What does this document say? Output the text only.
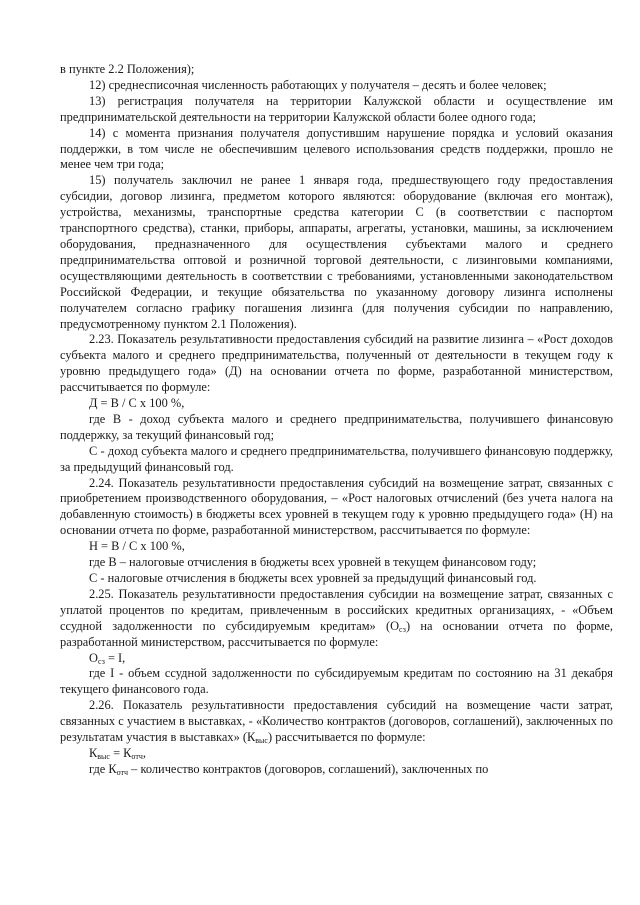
в пункте 2.2 Положения);

12) среднесписочная численность работающих у получателя – десять и более человек;

13) регистрация получателя на территории Калужской области и осуществление им предпринимательской деятельности на территории Калужской области более одного года;

14) с момента признания получателя допустившим нарушение порядка и условий оказания поддержки, в том числе не обеспечившим целевого использования средств поддержки, прошло не менее чем три года;

15) получатель заключил не ранее 1 января года, предшествующего году предоставления субсидии, договор лизинга, предметом которого являются: оборудование (включая его монтаж), устройства, механизмы, транспортные средства категории С (в соответствии с паспортом транспортного средства), станки, приборы, аппараты, агрегаты, установки, машины, за исключением оборудования, предназначенного для осуществления субъектами малого и среднего предпринимательства оптовой и розничной торговой деятельности, с лизинговыми компаниями, осуществляющими деятельность в соответствии с требованиями, установленными законодательством Российской Федерации, и текущие обязательства по указанному договору лизинга исполнены получателем согласно графику погашения лизинга (для получения субсидии по направлению, предусмотренному пунктом 2.1 Положения).

2.23. Показатель результативности предоставления субсидий на развитие лизинга – «Рост доходов субъекта малого и среднего предпринимательства, полученный от деятельности в текущем году к уровню предыдущего года» (Д) на основании отчета по форме, разработанной министерством, рассчитывается по формуле:

Д = В / С х 100 %,

где В - доход субъекта малого и среднего предпринимательства, получившего финансовую поддержку, за текущий финансовый год;

С - доход субъекта малого и среднего предпринимательства, получившего финансовую поддержку, за предыдущий финансовый год.

2.24. Показатель результативности предоставления субсидий на возмещение затрат, связанных с приобретением производственного оборудования, – «Рост налоговых отчислений (без учета налога на добавленную стоимость) в бюджеты всех уровней в текущем году к уровню предыдущего года» (Н) на основании отчета по форме, разработанной министерством, рассчитывается по формуле:

Н = В / С х 100 %,

где В – налоговые отчисления в бюджеты всех уровней в текущем финансовом году;

С - налоговые отчисления в бюджеты всех уровней за предыдущий финансовый год.

2.25. Показатель результативности предоставления субсидии на возмещение затрат, связанных с уплатой процентов по кредитам, привлеченным в российских кредитных организациях, - «Объем ссудной задолженности по субсидируемым кредитам» $(О_{сз})$ на основании отчета по форме, разработанной министерством, рассчитывается по формуле:

$О_{сз} = I$,

где I - объем ссудной задолженности по субсидируемым кредитам по состоянию на 31 декабря текущего финансового года.

2.26. Показатель результативности предоставления субсидий на возмещение части затрат, связанных с участием в выставках, - «Количество контрактов (договоров, соглашений), заключенных по результатам участия в выставках» $(К_{выс})$ рассчитывается по формуле:

$К_{выс} = К_{отч}$,

где $К_{отч}$ – количество контрактов (договоров, соглашений), заключенных по
